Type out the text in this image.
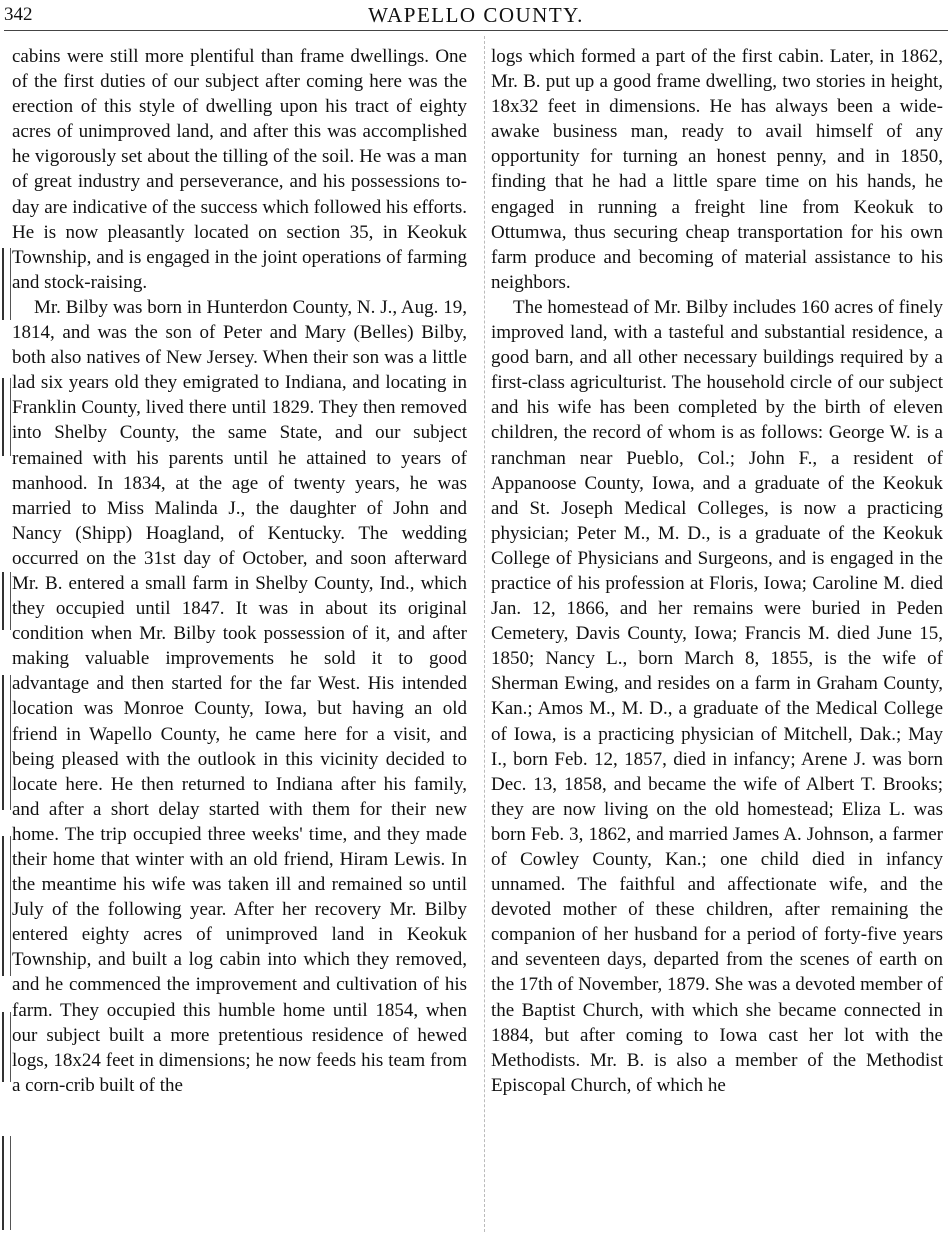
342	WAPELLO COUNTY.

cabins were still more plentiful than frame dwellings. One of the first duties of our subject after coming here was the erection of this style of dwelling upon his tract of eighty acres of unimproved land, and after this was accomplished he vigorously set about the tilling of the soil. He was a man of great industry and perseverance, and his possessions to-day are indicative of the success which followed his efforts. He is now pleasantly located on section 35, in Keokuk Township, and is engaged in the joint operations of farming and stock-raising.

Mr. Bilby was born in Hunterdon County, N. J., Aug. 19, 1814, and was the son of Peter and Mary (Belles) Bilby, both also natives of New Jersey. When their son was a little lad six years old they emigrated to Indiana, and locating in Franklin County, lived there until 1829. They then removed into Shelby County, the same State, and our subject remained with his parents until he attained to years of manhood. In 1834, at the age of twenty years, he was married to Miss Malinda J., the daughter of John and Nancy (Shipp) Hoagland, of Kentucky. The wedding occurred on the 31st day of October, and soon afterward Mr. B. entered a small farm in Shelby County, Ind., which they occupied until 1847. It was in about its original condition when Mr. Bilby took possession of it, and after making valuable improvements he sold it to good advantage and then started for the far West. His intended location was Monroe County, Iowa, but having an old friend in Wapello County, he came here for a visit, and being pleased with the outlook in this vicinity decided to locate here. He then returned to Indiana after his family, and after a short delay started with them for their new home. The trip occupied three weeks' time, and they made their home that winter with an old friend, Hiram Lewis. In the meantime his wife was taken ill and remained so until July of the following year. After her recovery Mr. Bilby entered eighty acres of unimproved land in Keokuk Township, and built a log cabin into which they removed, and he commenced the improvement and cultivation of his farm. They occupied this humble home until 1854, when our subject built a more pretentious residence of hewed logs, 18x24 feet in dimensions; he now feeds his team from a corn-crib built of the

logs which formed a part of the first cabin. Later, in 1862, Mr. B. put up a good frame dwelling, two stories in height, 18x32 feet in dimensions. He has always been a wide-awake business man, ready to avail himself of any opportunity for turning an honest penny, and in 1850, finding that he had a little spare time on his hands, he engaged in running a freight line from Keokuk to Ottumwa, thus securing cheap transportation for his own farm produce and becoming of material assistance to his neighbors.

The homestead of Mr. Bilby includes 160 acres of finely improved land, with a tasteful and substantial residence, a good barn, and all other necessary buildings required by a first-class agriculturist. The household circle of our subject and his wife has been completed by the birth of eleven children, the record of whom is as follows: George W. is a ranchman near Pueblo, Col.; John F., a resident of Appanoose County, Iowa, and a graduate of the Keokuk and St. Joseph Medical Colleges, is now a practicing physician; Peter M., M. D., is a graduate of the Keokuk College of Physicians and Surgeons, and is engaged in the practice of his profession at Floris, Iowa; Caroline M. died Jan. 12, 1866, and her remains were buried in Peden Cemetery, Davis County, Iowa; Francis M. died June 15, 1850; Nancy L., born March 8, 1855, is the wife of Sherman Ewing, and resides on a farm in Graham County, Kan.; Amos M., M. D., a graduate of the Medical College of Iowa, is a practicing physician of Mitchell, Dak.; May I., born Feb. 12, 1857, died in infancy; Arene J. was born Dec. 13, 1858, and became the wife of Albert T. Brooks; they are now living on the old homestead; Eliza L. was born Feb. 3, 1862, and married James A. Johnson, a farmer of Cowley County, Kan.; one child died in infancy unnamed. The faithful and affectionate wife, and the devoted mother of these children, after remaining the companion of her husband for a period of forty-five years and seventeen days, departed from the scenes of earth on the 17th of November, 1879. She was a devoted member of the Baptist Church, with which she became connected in 1884, but after coming to Iowa cast her lot with the Methodists. Mr. B. is also a member of the Methodist Episcopal Church, of which he
